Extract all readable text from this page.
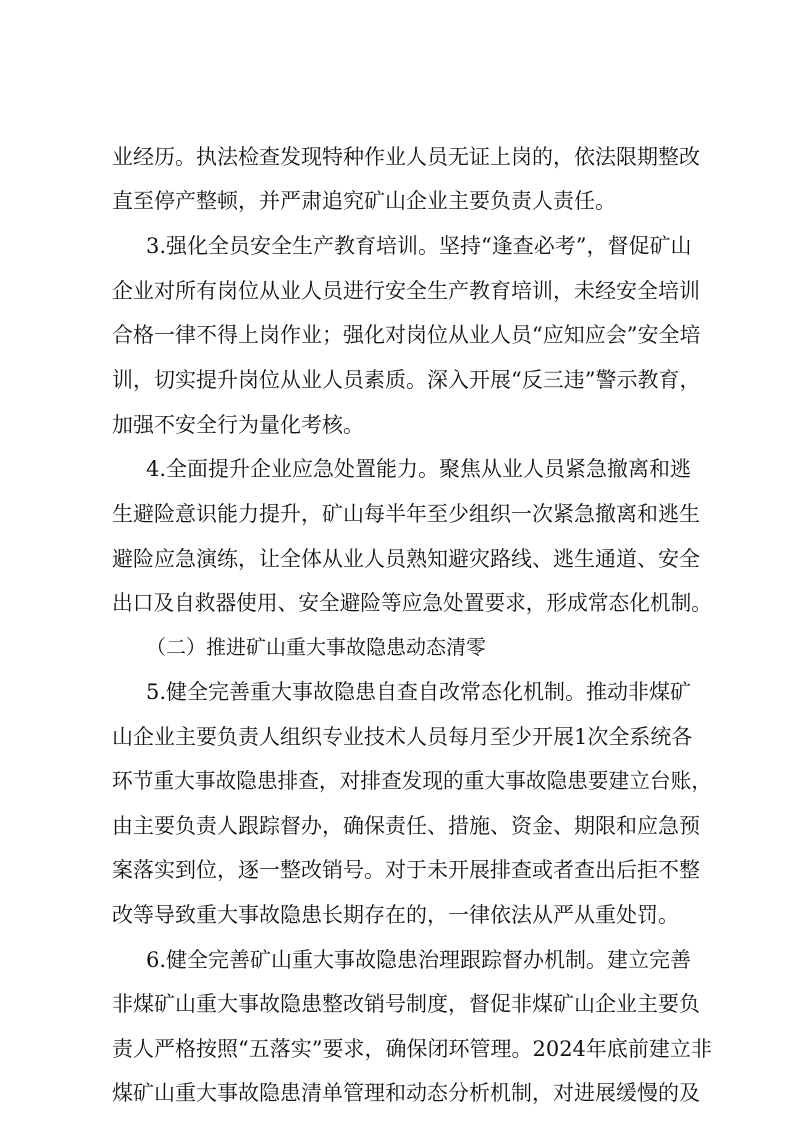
业经历。执法检查发现特种作业人员无证上岗的，依法限期整改
直至停产整顿，并严肃追究矿山企业主要负责人责任。
3.强化全员安全生产教育培训。坚持“逢查必考”，督促矿山
企业对所有岗位从业人员进行安全生产教育培训，未经安全培训
合格一律不得上岗作业；强化对岗位从业人员“应知应会”安全培
训，切实提升岗位从业人员素质。深入开展“反三违”警示教育，
加强不安全行为量化考核。
4.全面提升企业应急处置能力。聚焦从业人员紧急撤离和逃
生避险意识能力提升，矿山每半年至少组织一次紧急撤离和逃生
避险应急演练，让全体从业人员熟知避灾路线、逃生通道、安全
出口及自救器使用、安全避险等应急处置要求，形成常态化机制。
（二）推进矿山重大事故隐患动态清零
5.健全完善重大事故隐患自查自改常态化机制。推动非煤矿
山企业主要负责人组织专业技术人员每月至少开展1次全系统各
环节重大事故隐患排查，对排查发现的重大事故隐患要建立台账，
由主要负责人跟踪督办，确保责任、措施、资金、期限和应急预
案落实到位，逐一整改销号。对于未开展排查或者查出后拒不整
改等导致重大事故隐患长期存在的，一律依法从严从重处罚。
6.健全完善矿山重大事故隐患治理跟踪督办机制。建立完善
非煤矿山重大事故隐患整改销号制度，督促非煤矿山企业主要负
责人严格按照“五落实”要求，确保闭环管理。2024年底前建立非
煤矿山重大事故隐患清单管理和动态分析机制，对进展缓慢的及
